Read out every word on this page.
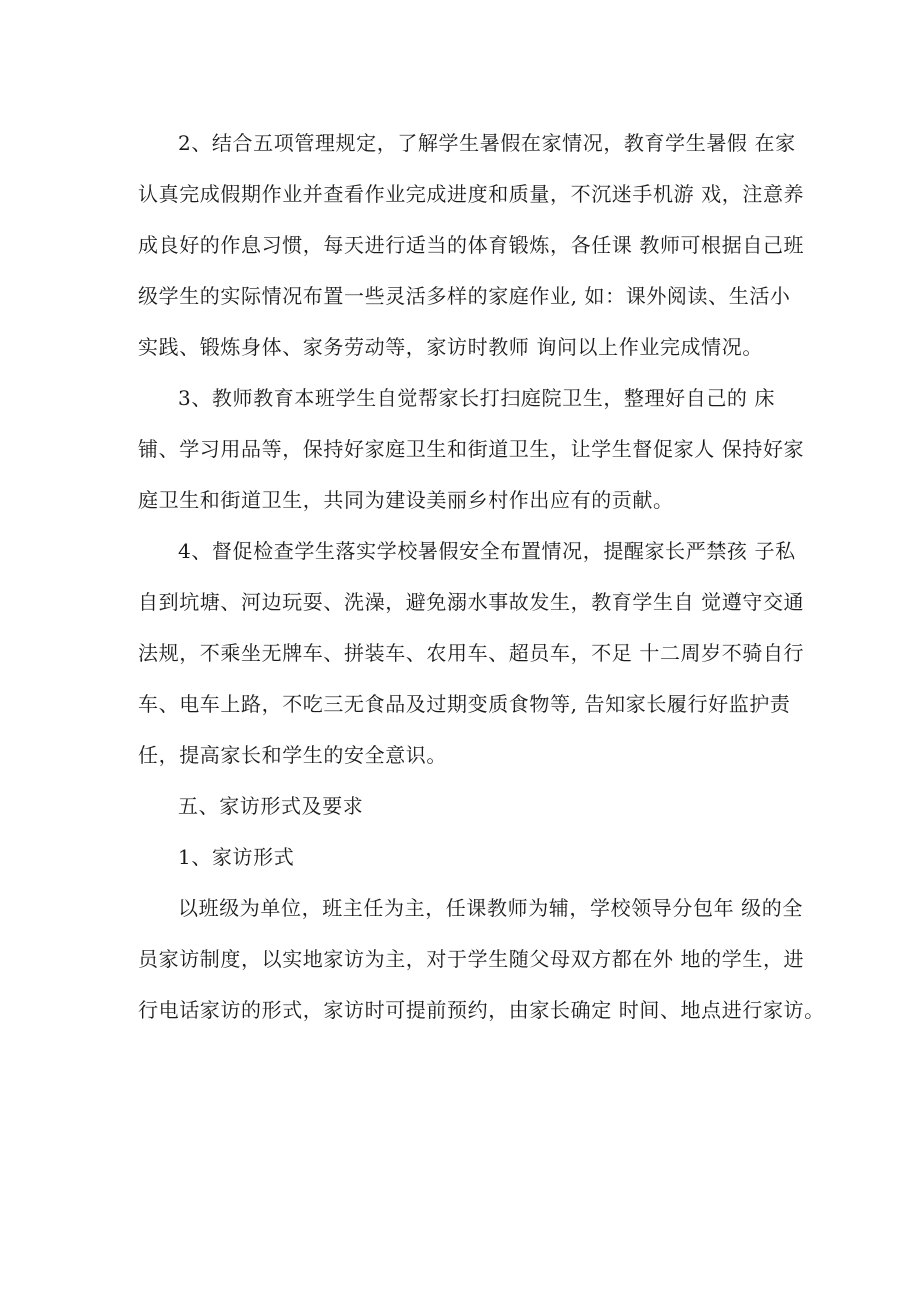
2、结合五项管理规定，了解学生暑假在家情况，教育学生暑假 在家
认真完成假期作业并查看作业完成进度和质量，不沉迷手机游 戏，注意养
成良好的作息习惯，每天进行适当的体育锻炼，各任课 教师可根据自己班
级学生的实际情况布置一些灵活多样的家庭作业, 如：课外阅读、生活小
实践、锻炼身体、家务劳动等，家访时教师 询问以上作业完成情况。
3、教师教育本班学生自觉帮家长打扫庭院卫生，整理好自己的 床
铺、学习用品等，保持好家庭卫生和街道卫生，让学生督促家人 保持好家
庭卫生和街道卫生，共同为建设美丽乡村作出应有的贡献。
4、督促检查学生落实学校暑假安全布置情况，提醒家长严禁孩 子私
自到坑塘、河边玩耍、洗澡，避免溺水事故发生，教育学生自 觉遵守交通
法规，不乘坐无牌车、拼装车、农用车、超员车，不足 十二周岁不骑自行
车、电车上路，不吃三无食品及过期变质食物等, 告知家长履行好监护责
任，提高家长和学生的安全意识。
五、家访形式及要求
1、家访形式
以班级为单位，班主任为主，任课教师为辅，学校领导分包年 级的全
员家访制度，以实地家访为主，对于学生随父母双方都在外 地的学生，进
行电话家访的形式，家访时可提前预约，由家长确定 时间、地点进行家访。
